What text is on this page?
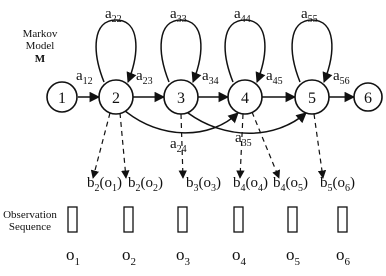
Markov
Model
M
1	2	3	4	5	6
$a_{22}$	$a_{33}$	$a_{44}$	$a_{55}$
$a_{12}$	$a_{23}$	$a_{34}$	$a_{45}$	$a_{56}$
$a_{24}$
$a_{35}$
$b_2(o_1)$ $b_2(o_2)$ $b_3(o_3)$ $b_4(o_4)$ $b_4(o_5)$ $b_5(o_6)$
Observation
Sequence
$o_1$ $o_2$ $o_3$ $o_4$ $o_5$ $o_6$
